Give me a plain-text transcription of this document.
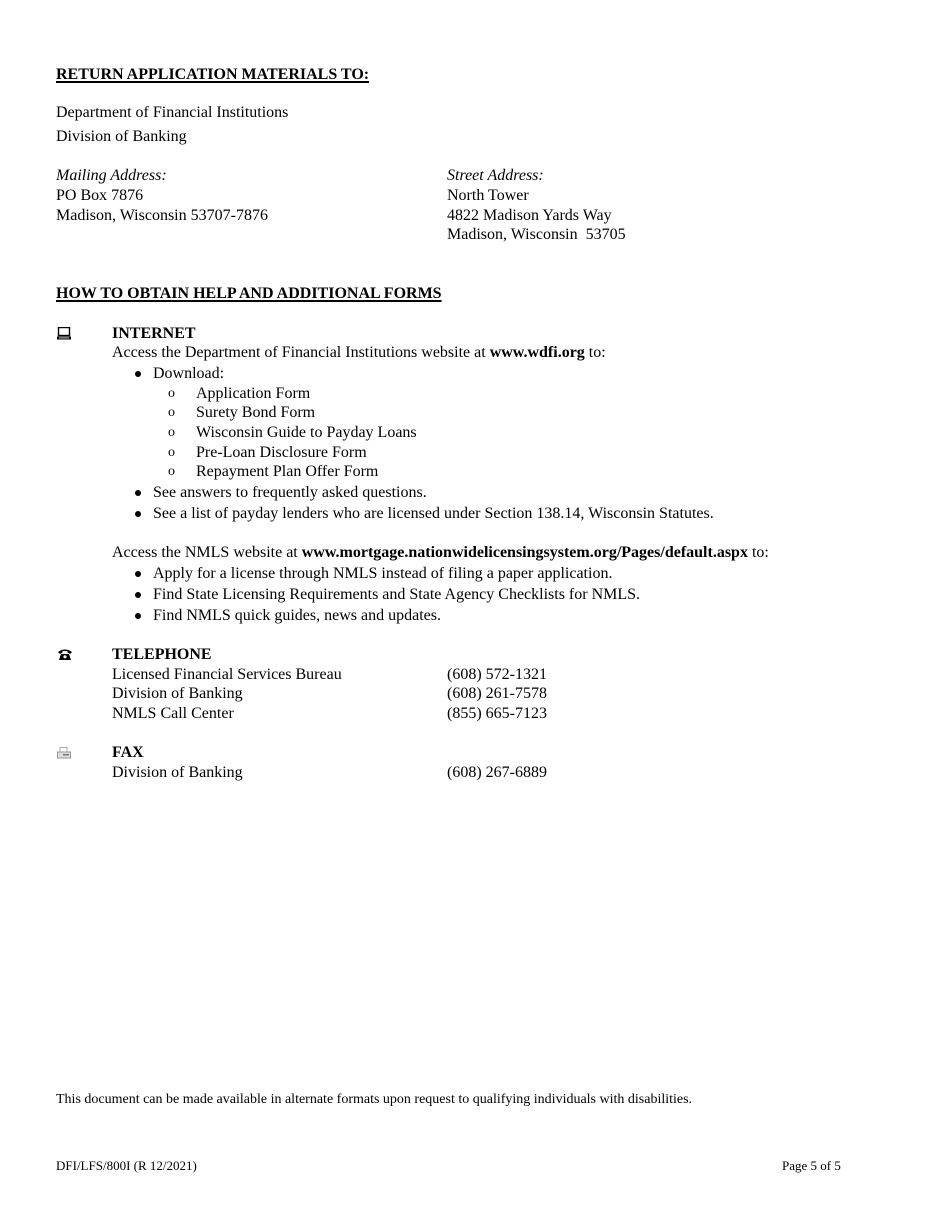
RETURN APPLICATION MATERIALS TO:
Department of Financial Institutions
Division of Banking
Mailing Address:
PO Box 7876
Madison, Wisconsin 53707-7876
Street Address:
North Tower
4822 Madison Yards Way
Madison, Wisconsin  53705
HOW TO OBTAIN HELP AND ADDITIONAL FORMS
INTERNET
Access the Department of Financial Institutions website at www.wdfi.org to:
Download:
o Application Form
o Surety Bond Form
o Wisconsin Guide to Payday Loans
o Pre-Loan Disclosure Form
o Repayment Plan Offer Form
See answers to frequently asked questions.
See a list of payday lenders who are licensed under Section 138.14, Wisconsin Statutes.
Access the NMLS website at www.mortgage.nationwidelicensingsystem.org/Pages/default.aspx to:
Apply for a license through NMLS instead of filing a paper application.
Find State Licensing Requirements and State Agency Checklists for NMLS.
Find NMLS quick guides, news and updates.
TELEPHONE
Licensed Financial Services Bureau	(608) 572-1321
Division of Banking	(608) 261-7578
NMLS Call Center	(855) 665-7123
FAX
Division of Banking	(608) 267-6889
This document can be made available in alternate formats upon request to qualifying individuals with disabilities.
DFI/LFS/800I (R 12/2021)	Page 5 of 5
